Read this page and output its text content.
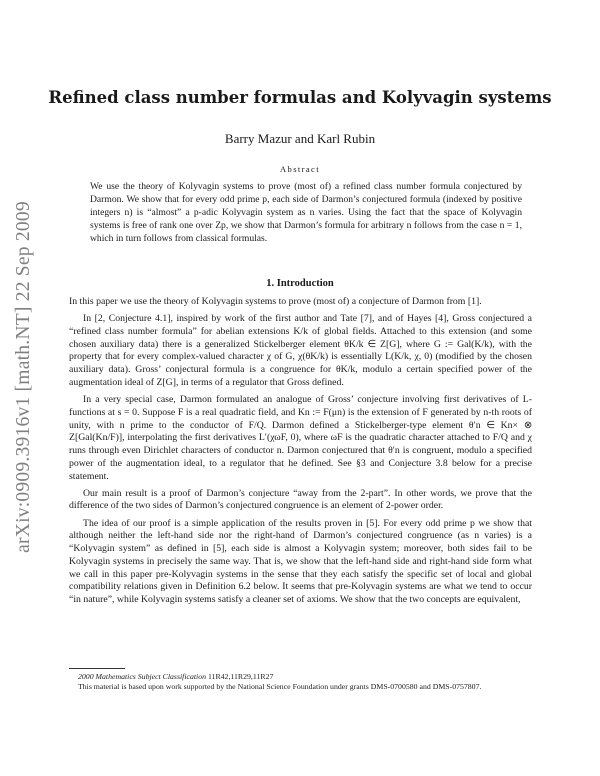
arXiv:0909.3916v1 [math.NT] 22 Sep 2009
Refined class number formulas and Kolyvagin systems
Barry Mazur and Karl Rubin
Abstract

We use the theory of Kolyvagin systems to prove (most of) a refined class number formula conjectured by Darmon. We show that for every odd prime p, each side of Darmon’s conjectured formula (indexed by positive integers n) is “almost” a p-adic Kolyvagin system as n varies. Using the fact that the space of Kolyvagin systems is free of rank one over Zp, we show that Darmon’s formula for arbitrary n follows from the case n = 1, which in turn follows from classical formulas.

1. Introduction

In this paper we use the theory of Kolyvagin systems to prove (most of) a conjecture of Darmon from [1].

In [2, Conjecture 4.1], inspired by work of the first author and Tate [7], and of Hayes [4], Gross conjectured a “refined class number formula” for abelian extensions K/k of global fields. Attached to this extension (and some chosen auxiliary data) there is a generalized Stickelberger element θK/k ∈ Z[G], where G := Gal(K/k), with the property that for every complex-valued character χ of G, χ(θK/k) is essentially L(K/k, χ, 0) (modified by the chosen auxiliary data). Gross’ conjectural formula is a congruence for θK/k, modulo a certain specified power of the augmentation ideal of Z[G], in terms of a regulator that Gross defined.

In a very special case, Darmon formulated an analogue of Gross’ conjecture involving first derivatives of L-functions at s = 0. Suppose F is a real quadratic field, and Kn := F(μn) is the extension of F generated by n-th roots of unity, with n prime to the conductor of F/Q. Darmon defined a Stickelberger-type element θ′n ∈ Kn× ⊗ Z[Gal(Kn/F)], interpolating the first derivatives L′(χωF, 0), where ωF is the quadratic character attached to F/Q and χ runs through even Dirichlet characters of conductor n. Darmon conjectured that θ′n is congruent, modulo a specified power of the augmentation ideal, to a regulator that he defined. See §3 and Conjecture 3.8 below for a precise statement.

Our main result is a proof of Darmon’s conjecture “away from the 2-part”. In other words, we prove that the difference of the two sides of Darmon’s conjectured congruence is an element of 2-power order.

The idea of our proof is a simple application of the results proven in [5]. For every odd prime p we show that although neither the left-hand side nor the right-hand of Darmon’s conjectured congruence (as n varies) is a “Kolyvagin system” as defined in [5], each side is almost a Kolyvagin system; moreover, both sides fail to be Kolyvagin systems in precisely the same way. That is, we show that the left-hand side and right-hand side form what we call in this paper pre-Kolyvagin systems in the sense that they each satisfy the specific set of local and global compatibility relations given in Definition 6.2 below. It seems that pre-Kolyvagin systems are what we tend to occur “in nature”, while Kolyvagin systems satisfy a cleaner set of axioms. We show that the two concepts are equivalent,

2000 Mathematics Subject Classification 11R42,11R29,11R27

This material is based upon work supported by the National Science Foundation under grants DMS-0700580 and DMS-0757807.
